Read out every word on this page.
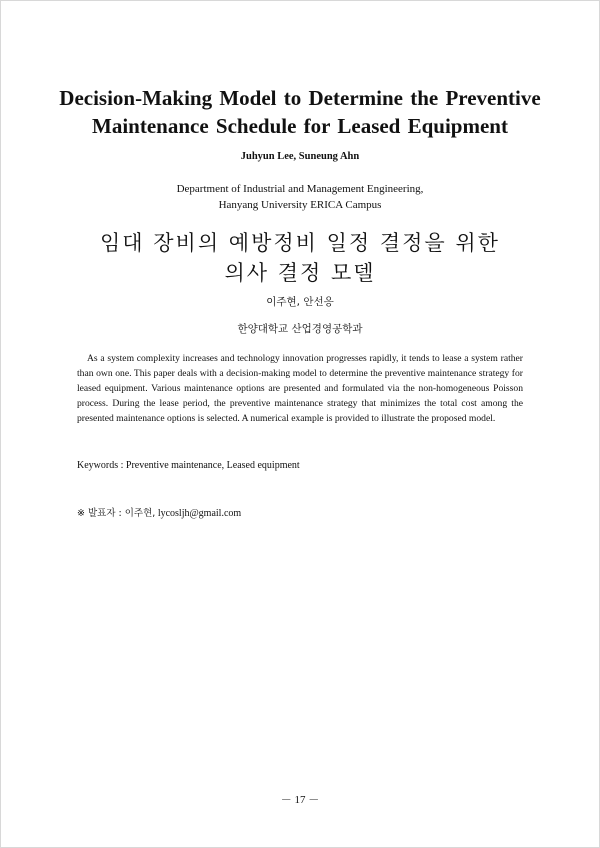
Decision-Making Model to Determine the Preventive
Maintenance Schedule for Leased Equipment

Juhyun Lee, Suneung Ahn

Department of Industrial and Management Engineering,
Hanyang University ERICA Campus

임대 장비의 예방정비 일정 결정을 위한
의사 결정 모델

이주현, 안선응

한양대학교 산업경영공학과

As a system complexity increases and technology innovation progresses rapidly, it tends to lease a system rather than own one. This paper deals with a decision-making model to determine the preventive maintenance strategy for leased equipment. Various maintenance options are presented and formulated via the non-homogeneous Poisson process. During the lease period, the preventive maintenance strategy that minimizes the total cost among the presented maintenance options is selected. A numerical example is provided to illustrate the proposed model.

Keywords : Preventive maintenance, Leased equipment

※ 발표자 : 이주현, lycosljh@gmail.com

－ 17 －
